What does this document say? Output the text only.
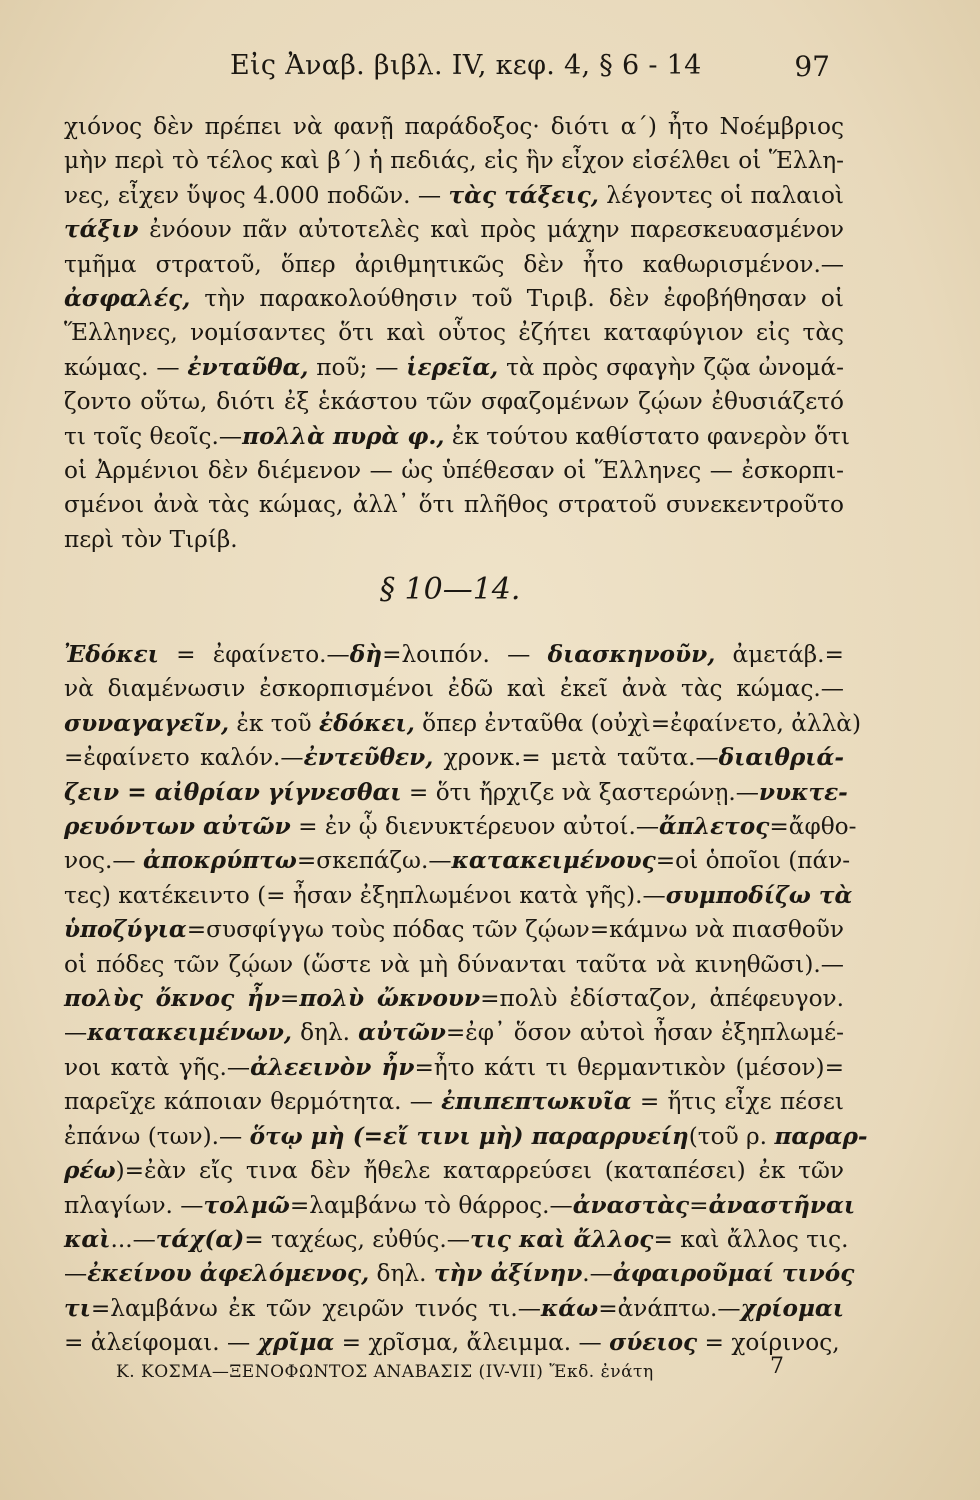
Εἰς Ἀναβ. βιβλ. IV, κεφ. 4, § 6 - 14	97
χιόνος δὲν πρέπει νὰ φανῇ παράδοξος· διότι α΄) ἦτο Νοέμβριος
μὴν περὶ τὸ τέλος καὶ β΄) ἡ πεδιάς, εἰς ἣν εἶχον εἰσέλθει οἱ Ἕλλη-
νες, εἶχεν ὕψος 4.000 ποδῶν. — τὰς τάξεις, λέγοντες οἱ παλαιοὶ
τάξιν ἐνόουν πᾶν αὐτοτελὲς καὶ πρὸς μάχην παρεσκευασμένον
τμῆμα στρατοῦ, ὅπερ ἀριθμητικῶς δὲν ἦτο καθωρισμένον.—
ἀσφαλές, τὴν παρακολούθησιν τοῦ Τιριβ. δὲν ἐφοβήθησαν οἱ
Ἕλληνες, νομίσαντες ὅτι καὶ οὗτος ἐζήτει καταφύγιον εἰς τὰς
κώμας. — ἐνταῦθα, ποῦ; — ἱερεῖα, τὰ πρὸς σφαγὴν ζῷα ὠνομά-
ζοντο οὕτω, διότι ἐξ ἑκάστου τῶν σφαζομένων ζῴων ἐθυσιάζετό
τι τοῖς θεοῖς.—πολλὰ πυρὰ φ., ἐκ τούτου καθίστατο φανερὸν ὅτι
οἱ Ἀρμένιοι δὲν διέμενον — ὡς ὑπέθεσαν οἱ Ἕλληνες — ἐσκορπι-
σμένοι ἀνὰ τὰς κώμας, ἀλλ᾽ ὅτι πλῆθος στρατοῦ συνεκεντροῦτο
περὶ τὸν Τιρίβ.
§ 10—14.
Ἐδόκει = ἐφαίνετο.—δὴ=λοιπόν. — διασκηνοῦν, ἀμετάβ.=
νὰ διαμένωσιν ἐσκορπισμένοι ἐδῶ καὶ ἐκεῖ ἀνὰ τὰς κώμας.—
συναγαγεῖν, ἐκ τοῦ ἐδόκει, ὅπερ ἐνταῦθα (οὐχὶ=ἐφαίνετο, ἀλλὰ)
=ἐφαίνετο καλόν.—ἐντεῦθεν, χρονκ.= μετὰ ταῦτα.—διαιθριά-
ζειν = αἰθρίαν γίγνεσθαι = ὅτι ἤρχιζε νὰ ξαστερώνῃ.—νυκτε-
ρευόντων αὐτῶν = ἐν ᾧ διενυκτέρευον αὐτοί.—ἄπλετος=ἄφθο-
νος.— ἀποκρύπτω=σκεπάζω.—κατακειμένους=οἱ ὁποῖοι (πάν-
τες) κατέκειντο (= ἦσαν ἐξηπλωμένοι κατὰ γῆς).—συμποδίζω τὰ
ὑποζύγια=συσφίγγω τοὺς πόδας τῶν ζῴων=κάμνω νὰ πιασθοῦν
οἱ πόδες τῶν ζῴων (ὥστε νὰ μὴ δύνανται ταῦτα νὰ κινηθῶσι).—
πολὺς ὄκνος ἦν=πολὺ ὤκνουν=πολὺ ἐδίσταζον, ἀπέφευγον.
—κατακειμένων, δηλ. αὐτῶν=ἐφ᾽ ὅσον αὐτοὶ ἦσαν ἐξηπλωμέ-
νοι κατὰ γῆς.—ἀλεεινὸν ἦν=ἦτο κάτι τι θερμαντικὸν (μέσον)=
παρεῖχε κάποιαν θερμότητα. — ἐπιπεπτωκυῖα = ἥτις εἶχε πέσει
ἐπάνω (των).— ὅτῳ μὴ (=εἴ τινι μὴ) παραρρυείη(τοῦ ρ. παραρ-
ρέω)=ἐὰν εἴς τινα δὲν ἤθελε καταρρεύσει (καταπέσει) ἐκ τῶν
πλαγίων. —τολμῶ=λαμβάνω τὸ θάρρος.—ἀναστὰς=ἀναστῆναι
καὶ...—τάχ(α)= ταχέως, εὐθύς.—τις καὶ ἄλλος= καὶ ἄλλος τις.
—ἐκείνου ἀφελόμενος, δηλ. τὴν ἀξίνην.—ἀφαιροῦμαί τινός
τι=λαμβάνω ἐκ τῶν χειρῶν τινός τι.—κάω=ἀνάπτω.—χρίομαι
= ἀλείφομαι. — χρῖμα = χρῖσμα, ἄλειμμα. — σύειος = χοίρινος,
Κ. ΚΟΣΜΑ—ΞΕΝΟΦΩΝΤΟΣ ΑΝΑΒΑΣΙΣ (IV-VII) Ἔκδ. ἐνάτη	7
